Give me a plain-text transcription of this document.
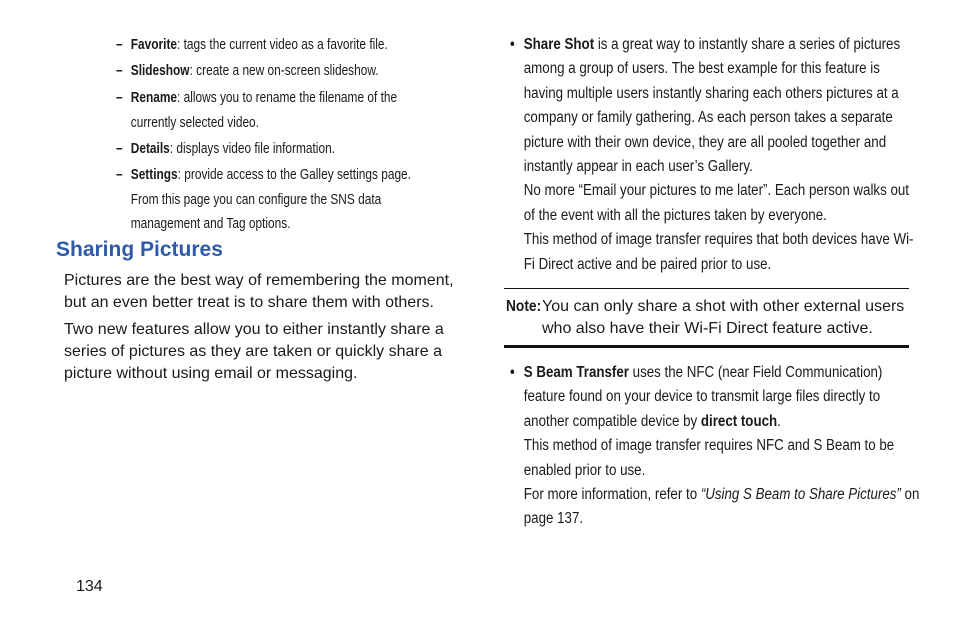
– Favorite: tags the current video as a favorite file.
– Slideshow: create a new on-screen slideshow.
– Rename: allows you to rename the filename of the currently selected video.
– Details: displays video file information.
– Settings: provide access to the Galley settings page. From this page you can configure the SNS data management and Tag options.
Sharing Pictures
Pictures are the best way of remembering the moment, but an even better treat is to share them with others.
Two new features allow you to either instantly share a series of pictures as they are taken or quickly share a picture without using email or messaging.
• Share Shot is a great way to instantly share a series of pictures among a group of users. The best example for this feature is having multiple users instantly sharing each others pictures at a company or family gathering. As each person takes a separate picture with their own device, they are all pooled together and instantly appear in each user’s Gallery.
No more “Email your pictures to me later”. Each person walks out of the event with all the pictures taken by everyone.
This method of image transfer requires that both devices have Wi-Fi Direct active and be paired prior to use.
Note: You can only share a shot with other external users who also have their Wi-Fi Direct feature active.
• S Beam Transfer uses the NFC (near Field Communication) feature found on your device to transmit large files directly to another compatible device by direct touch.
This method of image transfer requires NFC and S Beam to be enabled prior to use.
For more information, refer to “Using S Beam to Share Pictures” on page 137.
134
